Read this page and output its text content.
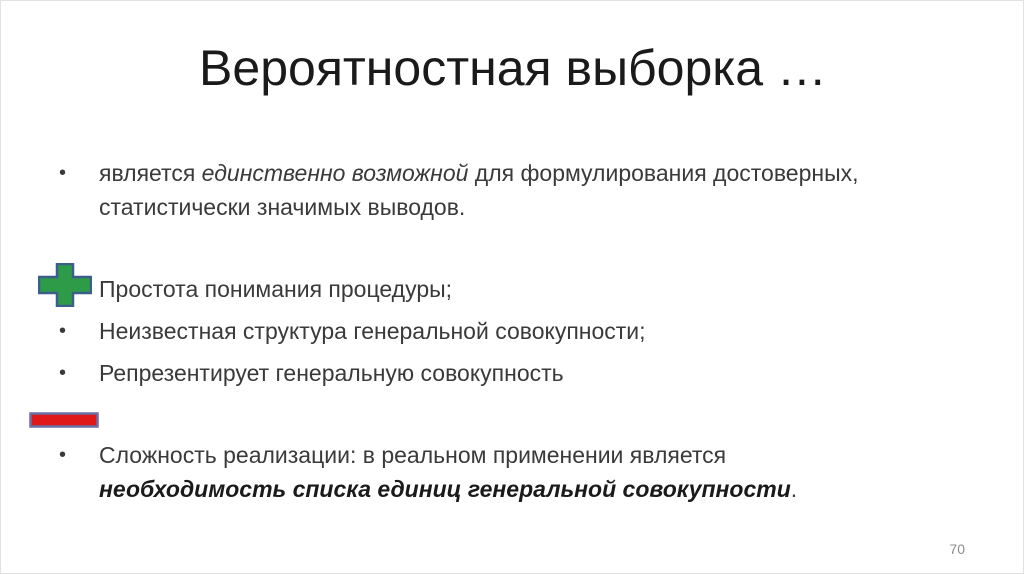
Вероятностная выборка …
•	является единственно возможной для формулирования достоверных,
статистически значимых выводов.
Простота понимания процедуры;
•	Неизвестная структура генеральной совокупности;
•	Репрезентирует генеральную совокупность
•	Сложность реализации: в реальном применении является
необходимость списка единиц генеральной совокупности.
70
